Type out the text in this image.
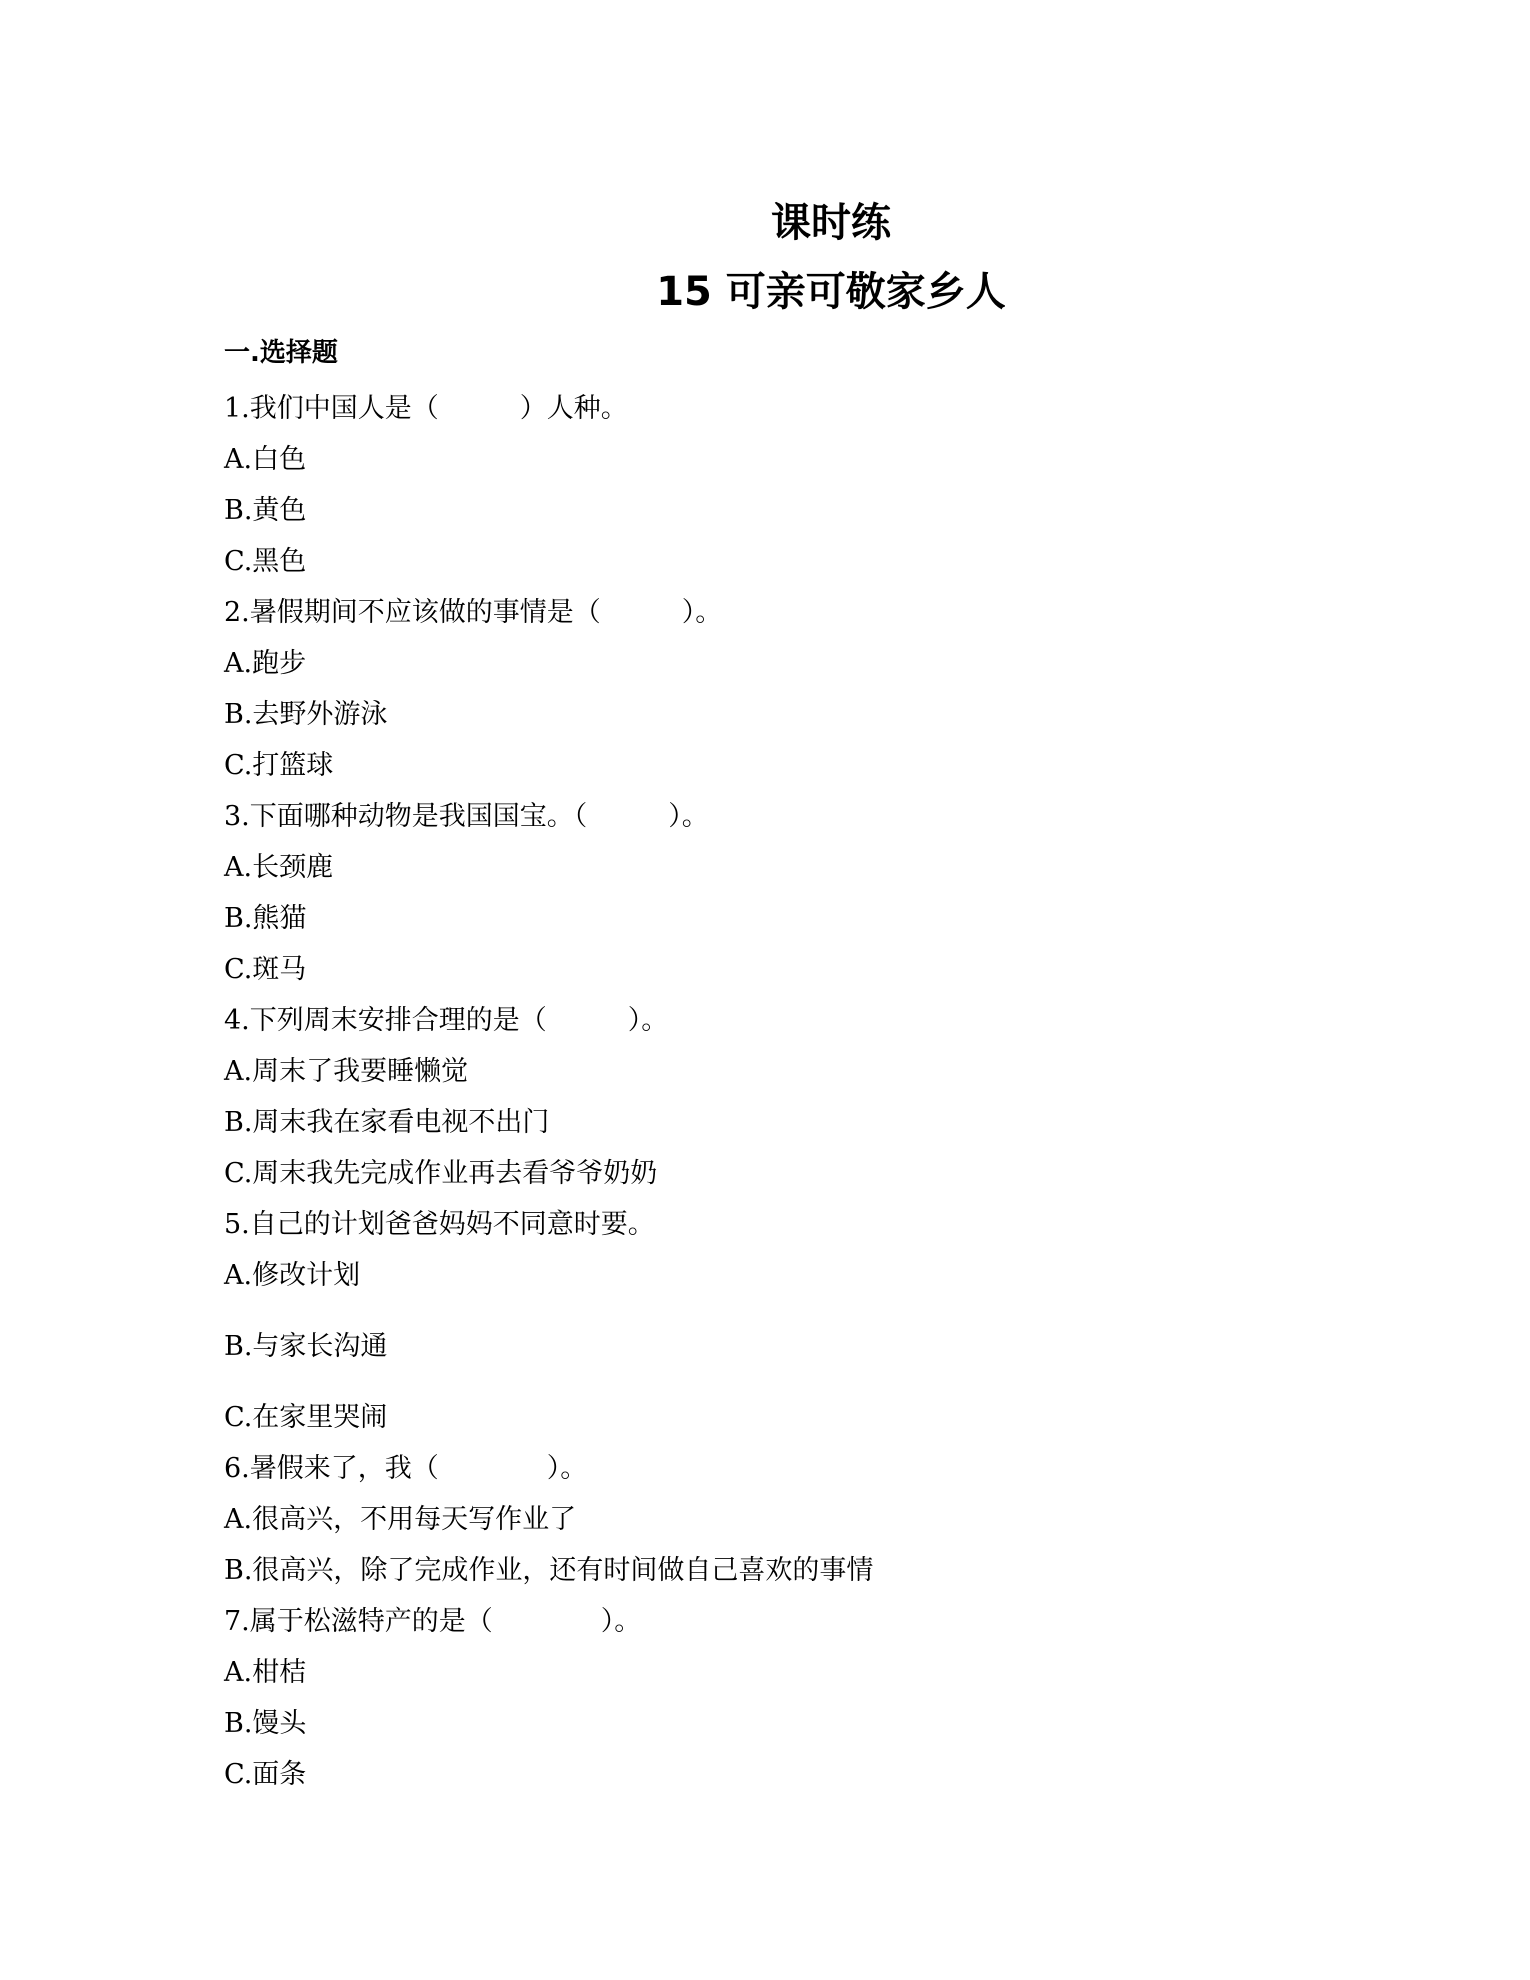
课时练
15 可亲可敬家乡人
一.选择题
1.我们中国人是（　　　）人种。
A.白色
B.黄色
C.黑色
2.暑假期间不应该做的事情是（　　　）。
A.跑步
B.去野外游泳
C.打篮球
3.下面哪种动物是我国国宝。（　　　）。
A.长颈鹿
B.熊猫
C.斑马
4.下列周末安排合理的是（　　　）。
A.周末了我要睡懒觉
B.周末我在家看电视不出门
C.周末我先完成作业再去看爷爷奶奶
5.自己的计划爸爸妈妈不同意时要。
A.修改计划
B.与家长沟通
C.在家里哭闹
6.暑假来了，我（　　　　）。
A.很高兴，不用每天写作业了
B.很高兴，除了完成作业，还有时间做自己喜欢的事情
7.属于松滋特产的是（　　　　）。
A.柑桔
B.馒头
C.面条
